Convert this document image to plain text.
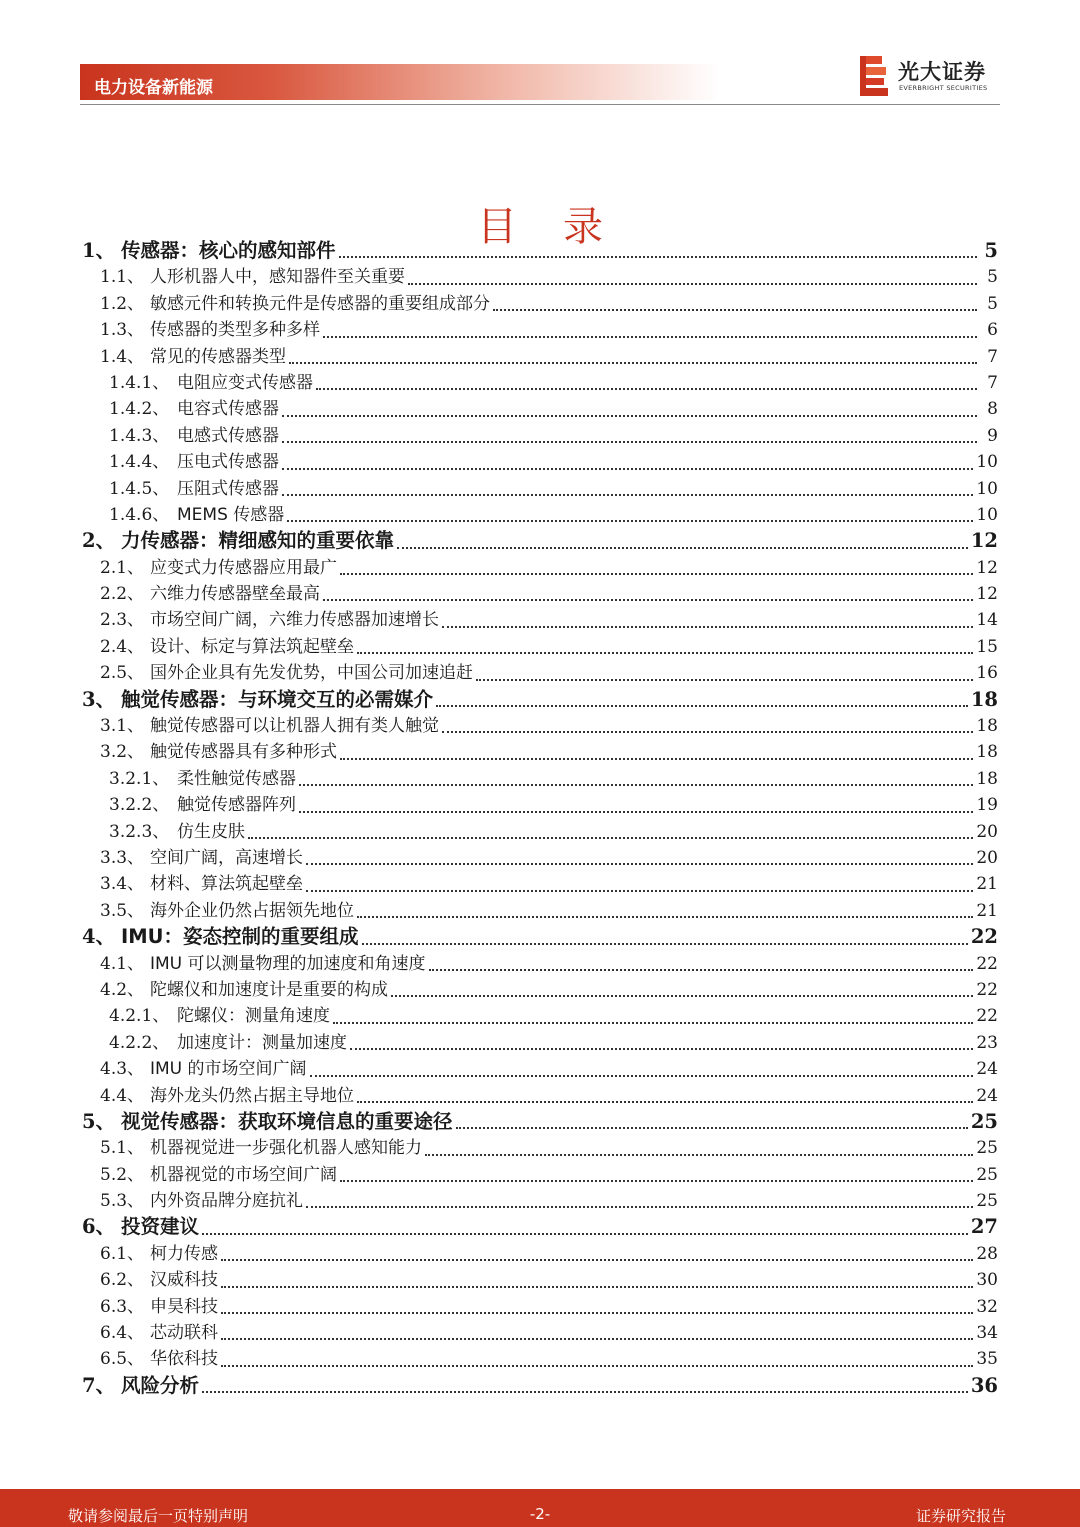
电力设备新能源
光大证券
EVERBRIGHT SECURITIES
目录
1、 传感器：核心的感知部件	5
1.1、 人形机器人中，感知器件至关重要	5
1.2、 敏感元件和转换元件是传感器的重要组成部分	5
1.3、 传感器的类型多种多样	6
1.4、 常见的传感器类型	7
1.4.1、 电阻应变式传感器	7
1.4.2、 电容式传感器	8
1.4.3、 电感式传感器	9
1.4.4、 压电式传感器	10
1.4.5、 压阻式传感器	10
1.4.6、 MEMS 传感器	10
2、 力传感器：精细感知的重要依靠	12
2.1、 应变式力传感器应用最广	12
2.2、 六维力传感器壁垒最高	12
2.3、 市场空间广阔，六维力传感器加速增长	14
2.4、 设计、标定与算法筑起壁垒	15
2.5、 国外企业具有先发优势，中国公司加速追赶	16
3、 触觉传感器：与环境交互的必需媒介	18
3.1、 触觉传感器可以让机器人拥有类人触觉	18
3.2、 触觉传感器具有多种形式	18
3.2.1、 柔性触觉传感器	18
3.2.2、 触觉传感器阵列	19
3.2.3、 仿生皮肤	20
3.3、 空间广阔，高速增长	20
3.4、 材料、算法筑起壁垒	21
3.5、 海外企业仍然占据领先地位	21
4、 IMU：姿态控制的重要组成	22
4.1、 IMU 可以测量物理的加速度和角速度	22
4.2、 陀螺仪和加速度计是重要的构成	22
4.2.1、 陀螺仪：测量角速度	22
4.2.2、 加速度计：测量加速度	23
4.3、 IMU 的市场空间广阔	24
4.4、 海外龙头仍然占据主导地位	24
5、 视觉传感器：获取环境信息的重要途径	25
5.1、 机器视觉进一步强化机器人感知能力	25
5.2、 机器视觉的市场空间广阔	25
5.3、 内外资品牌分庭抗礼	25
6、 投资建议	27
6.1、 柯力传感	28
6.2、 汉威科技	30
6.3、 申昊科技	32
6.4、 芯动联科	34
6.5、 华依科技	35
7、 风险分析	36
敬请参阅最后一页特别声明	-2-	证券研究报告
